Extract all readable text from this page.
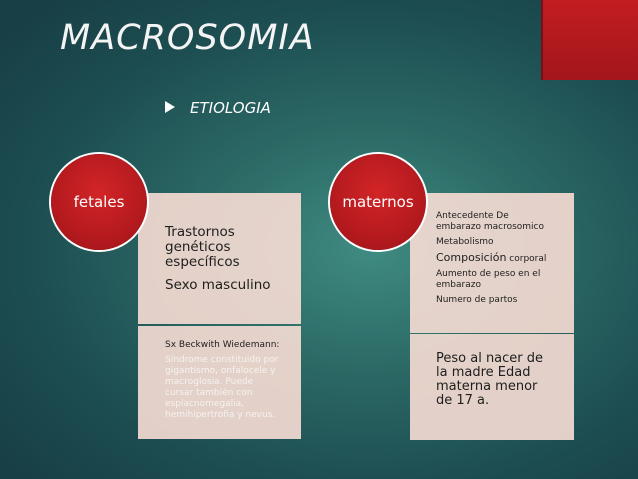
MACROSOMIA
ETIOLOGIA

Trastornos

genéticos

específicos

Sexo masculino

Sx Beckwith Wiedemann:

Síndrome constituido por

gigantismo, onfalocele y

macroglosia. Puede

cursar también con

esplacnomegalia,

hemihipertrofia y nevus.

fetales

Antecedente De

embarazo macrosomico

Metabolismo

Composición corporal

Aumento de peso en el

embarazo

Numero de partos

Peso al nacer de

la madre Edad

materna menor

de 17 a.

maternos
